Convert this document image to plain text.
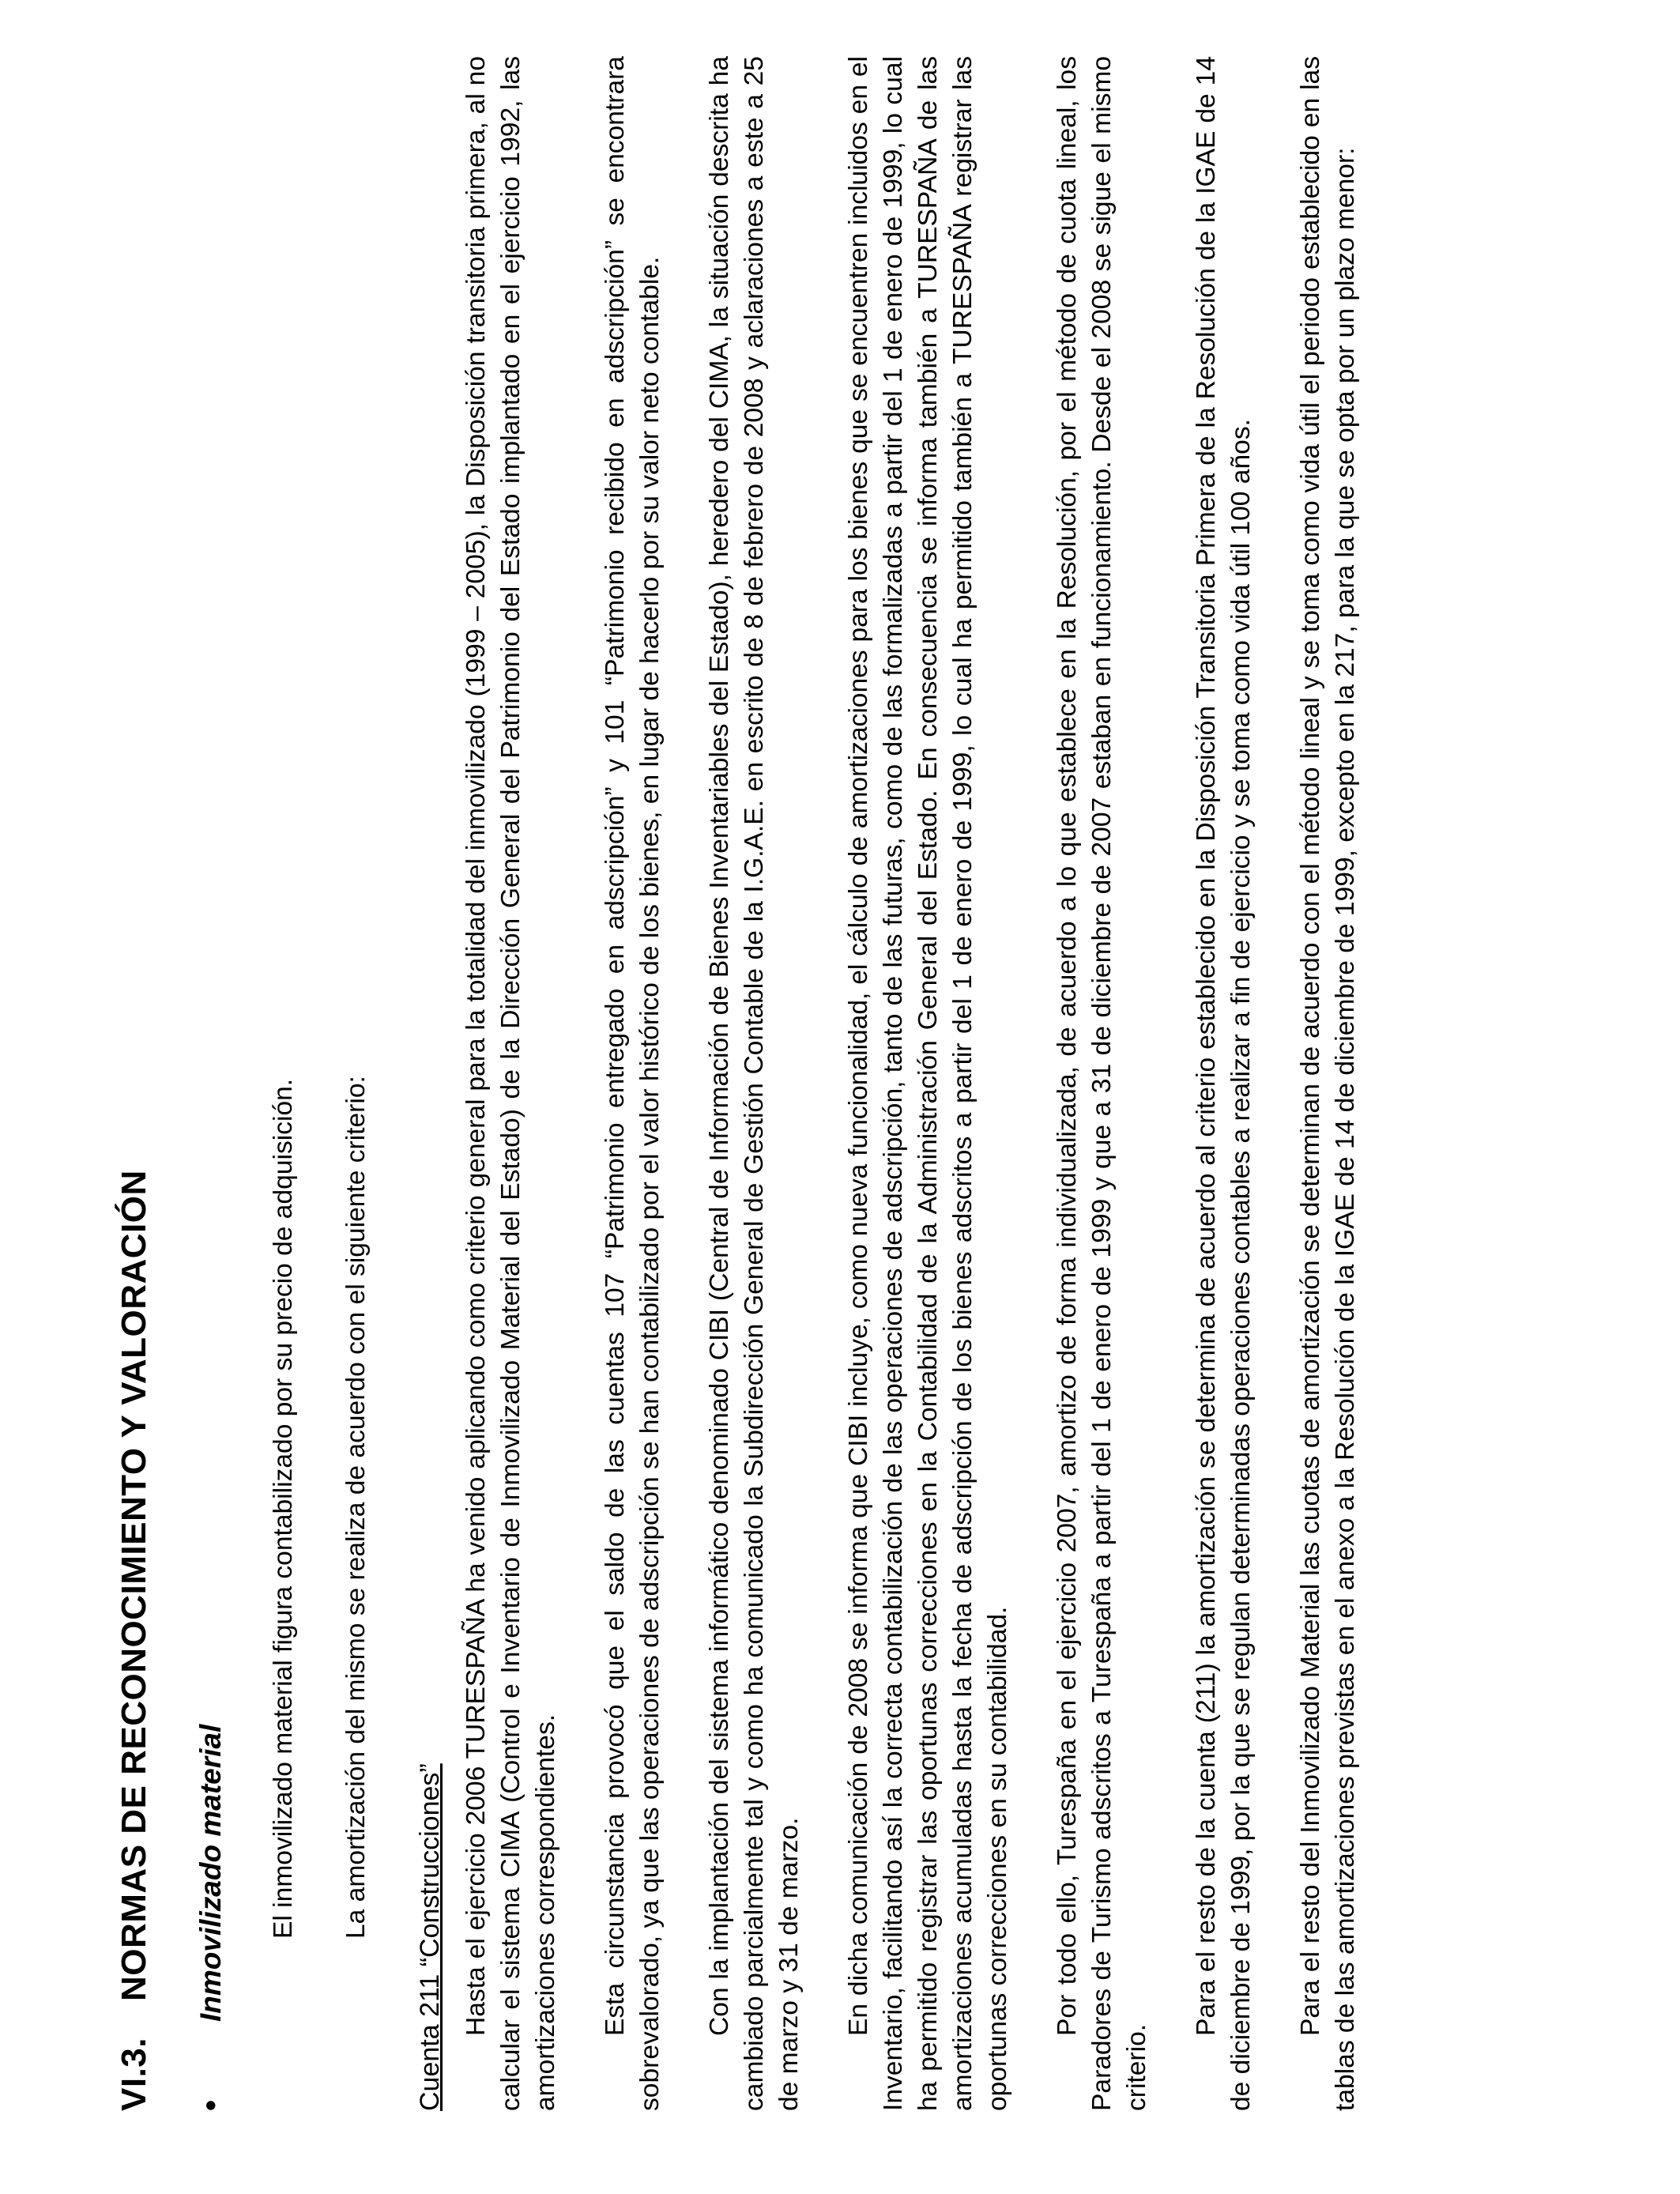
VI.3.
NORMAS DE RECONOCIMIENTO Y VALORACIÓN
•
Inmovilizado material El inmovilizado material figura contabilizado por su precio de adquisición. La amortización del mismo se realiza de acuerdo con el siguiente criterio: Cuenta 211 “Construcciones” Hasta el ejercicio 2006 TURESPAÑA ha venido aplicando como criterio general para la totalidad del inmovilizado (1999 – 2005), la Disposición transitoria primera, al no calcular el sistema CIMA (Control e Inventario de Inmovilizado Material del Estado) de la Dirección General del Patrimonio del Estado implantado en el ejercicio 1992, las amortizaciones correspondientes. Esta circunstancia provocó que el saldo de las cuentas 107 “Patrimonio entregado en adscripción” y 101 “Patrimonio recibido en adscripción” se encontrara sobrevalorado, ya que las operaciones de adscripción se han contabilizado por el valor histórico de los bienes, en lugar de hacerlo por su valor neto contable. Con la implantación del sistema informático denominado CIBI (Central de Información de Bienes Inventariables del Estado), heredero del CIMA, la situación descrita ha cambiado parcialmente tal y como ha comunicado la Subdirección General de Gestión Contable de la I.G.A.E. en escrito de 8 de febrero de 2008 y aclaraciones a este a 25 de marzo y 31 de marzo. En dicha comunicación de 2008 se informa que CIBI incluye, como nueva funcionalidad, el cálculo de amortizaciones para los bienes que se encuentren incluidos en el Inventario, facilitando así la correcta contabilización de las operaciones de adscripción, tanto de las futuras, como de las formalizadas a partir del 1 de enero de 1999, lo cual ha permitido registrar las oportunas correcciones en la Contabilidad de la Administración General del Estado. En consecuencia se informa también a TURESPAÑA de las amortizaciones acumuladas hasta la fecha de adscripción de los bienes adscritos a partir del 1 de enero de 1999, lo cual ha permitido también a TURESPAÑA registrar las oportunas correcciones en su contabilidad. Por todo ello, Turespaña en el ejercicio 2007, amortizo de forma individualizada, de acuerdo a lo que establece en la Resolución, por el método de cuota lineal, los Paradores de Turismo adscritos a Turespaña a partir del 1 de enero de 1999 y que a 31 de diciembre de 2007 estaban en funcionamiento. Desde el 2008 se sigue el mismo criterio.

Para el resto de la cuenta (211) la amortización se determina de acuerdo al criterio establecido en la Disposición Transitoria Primera de la Resolución de la IGAE de 14 de diciembre de 1999, por la que se regulan determinadas operaciones contables a realizar a fin de ejercicio y se toma como vida útil 100 años. Para el resto del Inmovilizado Material las cuotas de amortización se determinan de acuerdo con el método lineal y se toma como vida útil el periodo establecido en las tablas de las amortizaciones previstas en el anexo a la Resolución de la IGAE de 14 de diciembre de 1999, excepto en la 217, para la que se opta por un plazo menor:
